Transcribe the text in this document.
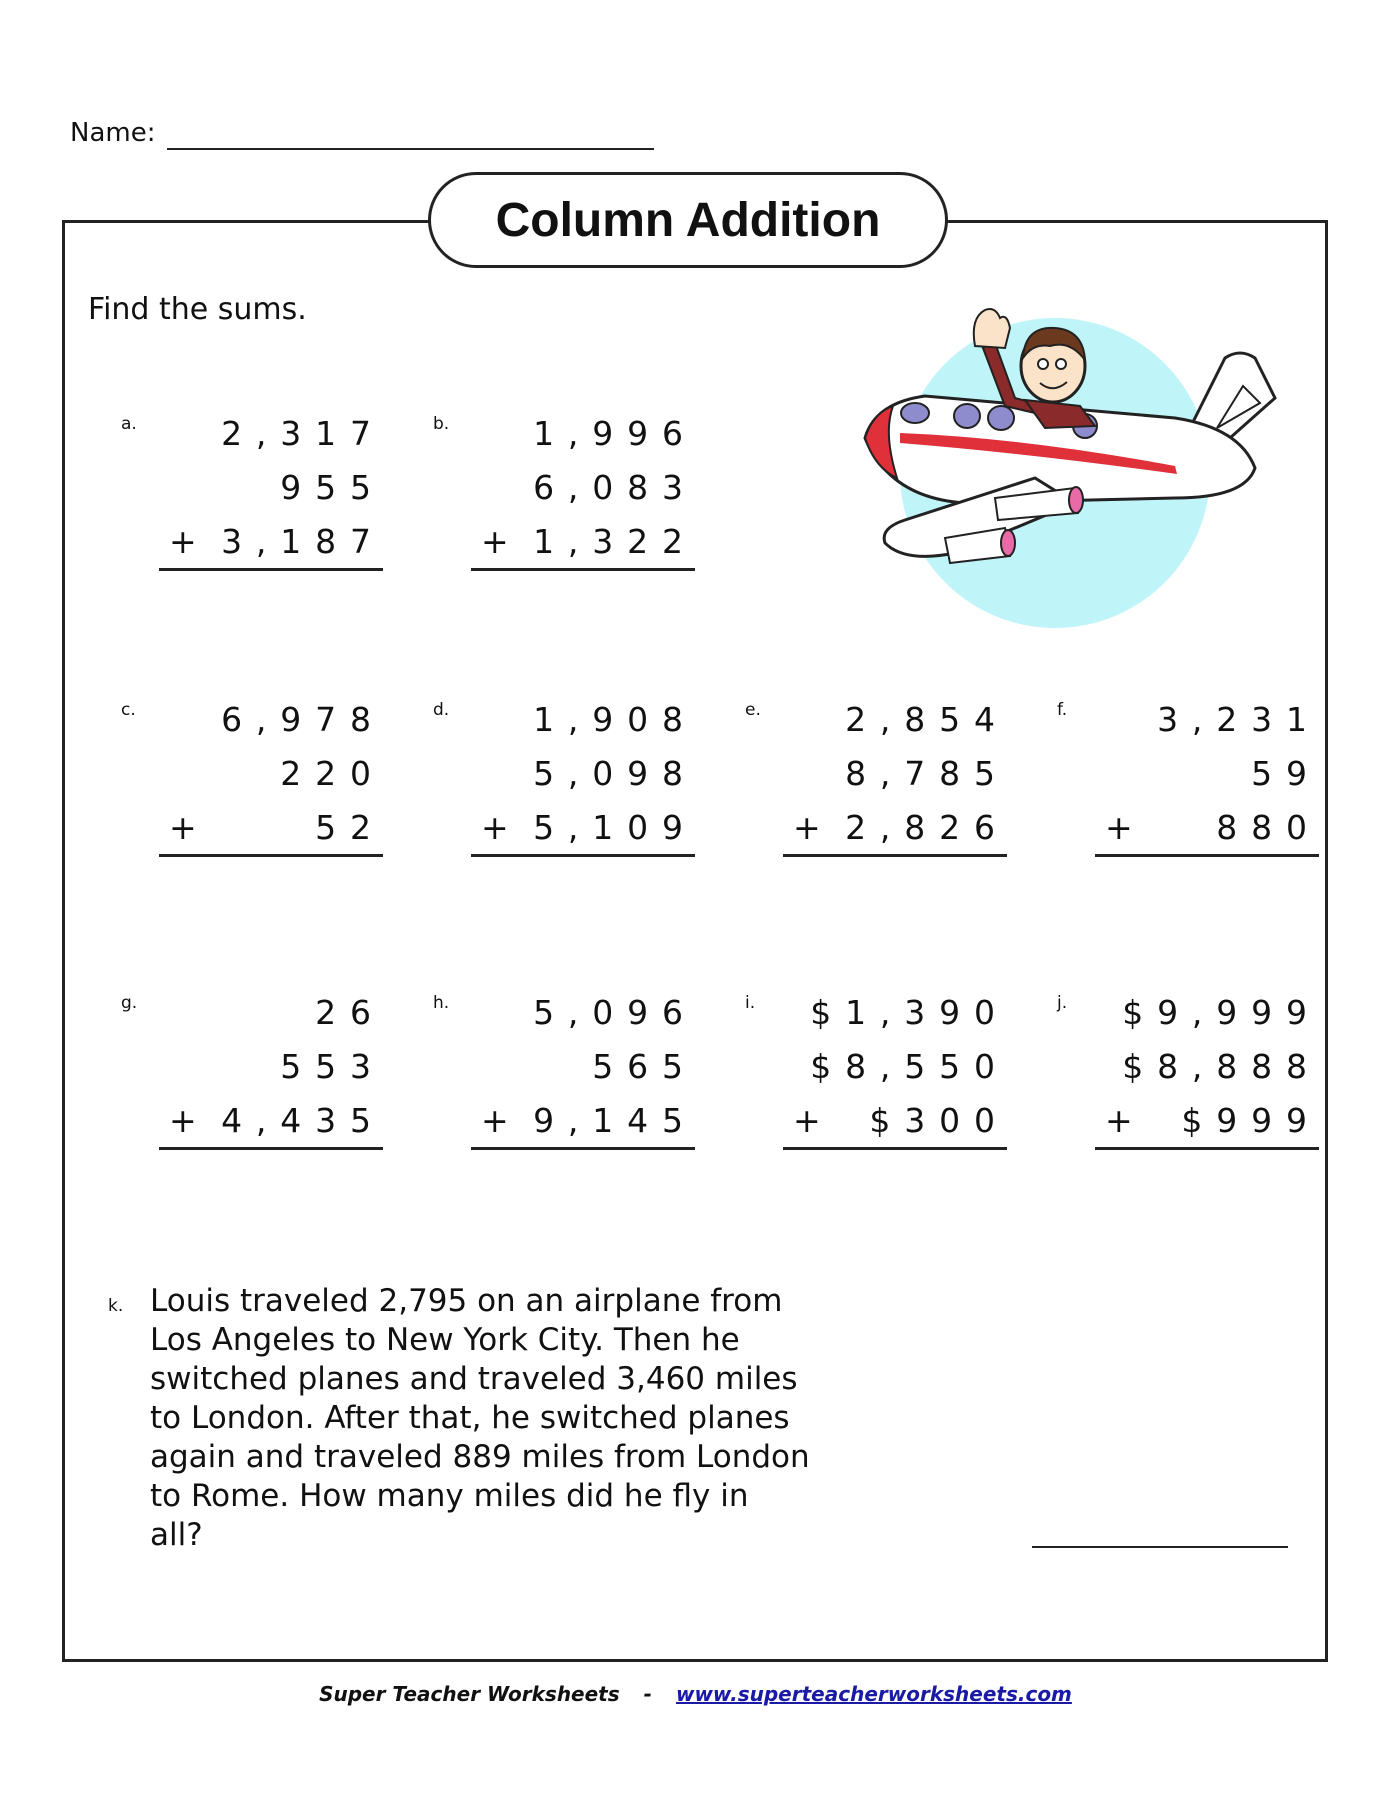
Name:
Column Addition
Find the sums.
a.	2,317
955
+ 3,187
b.	1,996
6,083
+ 1,322
c.	6,978
220
+	52
d.	1,908
5,098
+ 5,109
e.	2,854
8,785
+ 2,826
f.	3,231
59
+	880
g.	26
553
+ 4,435
h.	5,096
565
+ 9,145
i. $1,390
$8,550
+ $300
j. $9,999
$8,888
+ $999
k. Louis traveled 2,795 on an airplane from Los Angeles to New York City. Then he switched planes and traveled 3,460 miles to London. After that, he switched planes again and traveled 889 miles from London to Rome. How many miles did he fly in all?
Super Teacher Worksheets - www.superteacherworksheets.com
